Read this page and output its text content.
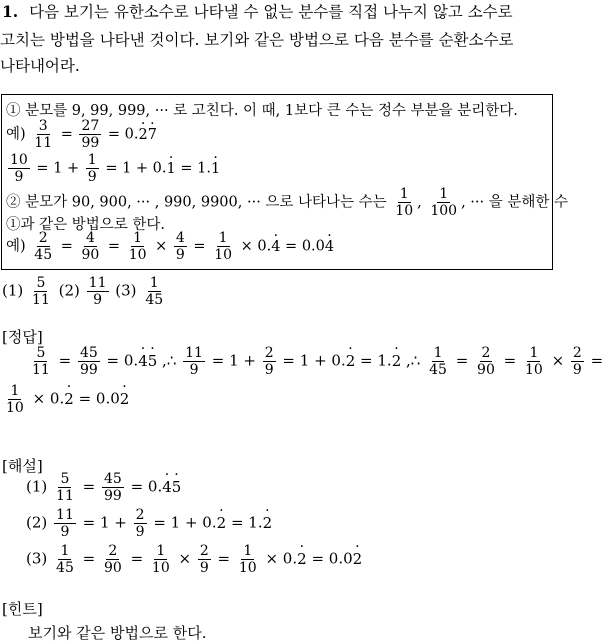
1. 다음 보기는 유한소수로 나타낼 수 없는 분수를 직접 나누지 않고 소수로
고치는 방법을 나타낸 것이다. 보기와 같은 방법으로 다음 분수를 순환소수로
나타내어라.
① 분모를 9, 99, 999, ··· 로 고친다. 이 때, 1보다 큰 수는 정수 부분을 분리한다.
예) $\frac{3}{11} = \frac{27}{99} = 0.\cdot 2\cdot 7$
$\frac{10}{9} = 1 + \frac{1}{9} = 1 + 0.\cdot 1 = 1.\cdot 1$
② 분모가 90, 900, ··· , 990, 9900, ··· 으로 나타나는 수는 $\frac{1}{10}$ , $\frac{1}{100}$ , ··· 을 분해한 수
①과 같은 방법으로 한다.
예) $\frac{2}{45} = \frac{4}{90} = \frac{1}{10} \times \frac{4}{9} = \frac{1}{10} \times 0.\cdot 4 = 0.0\cdot 4$
$(1) \frac{5}{11} (2) \frac{11}{9} (3) \frac{1}{45}$
[정답]
$\frac{5}{11} = \frac{45}{99} = 0.\cdot 4\cdot 5$ ,∴ $\frac{11}{9} = 1 + \frac{2}{9} = 1 + 0.\cdot 2 = 1.\cdot 2$ ,∴ $\frac{1}{45} = \frac{2}{90} = \frac{1}{10} \times \frac{2}{9}$ =
$\frac{1}{10} \times 0.\cdot 2 = 0.0\cdot 2$
[해설]
$(1) \frac{5}{11} = \frac{45}{99} = 0.\cdot 4\cdot 5$
$(2) \frac{11}{9} = 1 + \frac{2}{9} = 1 + 0.\cdot 2 = 1.\cdot 2$
$(3) \frac{1}{45} = \frac{2}{90} = \frac{1}{10} \times \frac{2}{9} = \frac{1}{10} \times 0.\cdot 2 = 0.0\cdot 2$
[힌트]
보기와 같은 방법으로 한다.
